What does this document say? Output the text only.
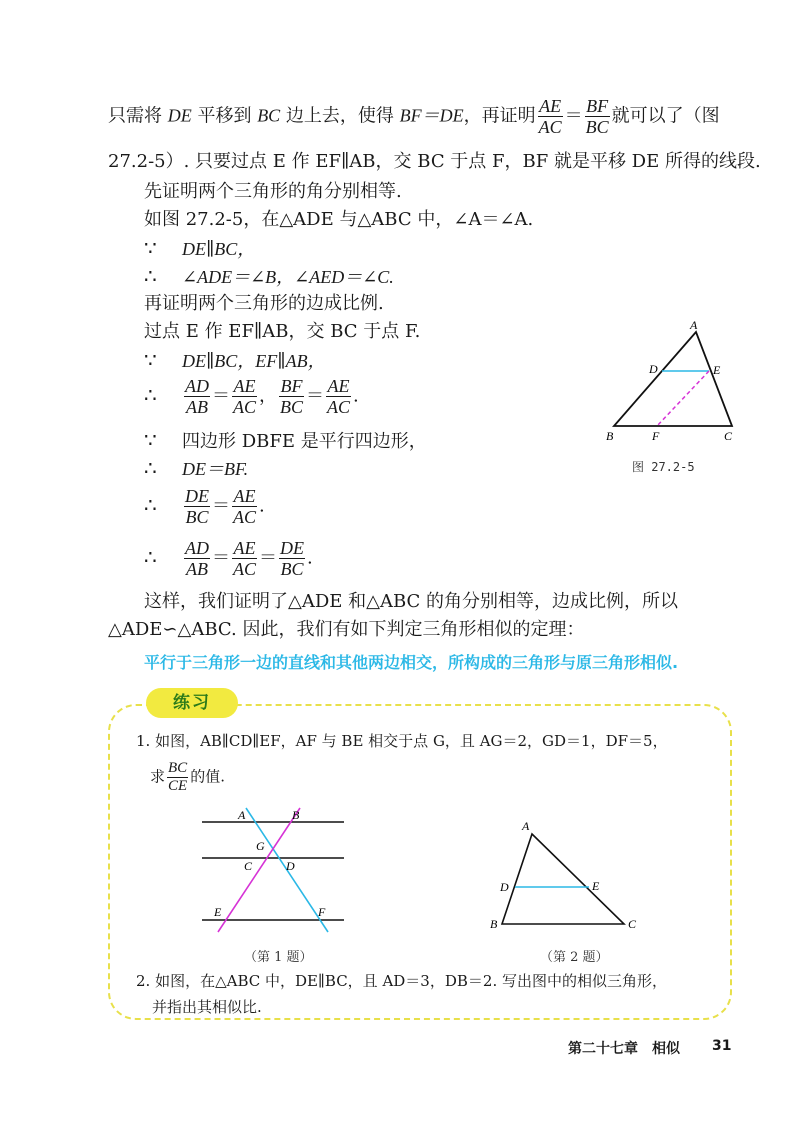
只需将 DE 平移到 BC 边上去，使得 BF＝DE，再证明 $\frac{AE}{AC} = \frac{BF}{BC}$ 就可以了（图
27.2-5）. 只要过点 E 作 EF∥AB，交 BC 于点 F，BF 就是平移 DE 所得的线段.
先证明两个三角形的角分别相等.
如图 27.2-5，在△ADE 与△ABC 中，∠A＝∠A.
∵ DE∥BC，
∴ ∠ADE＝∠B，∠AED＝∠C.
再证明两个三角形的边成比例.
过点 E 作 EF∥AB，交 BC 于点 F.
∵ DE∥BC，EF∥AB，
∴ $\frac{AD}{AB} = \frac{AE}{AC}$ ， $\frac{BF}{BC} = \frac{AE}{AC}$ .
∵ 四边形 DBFE 是平行四边形，
∴ DE＝BF.
∴ $\frac{DE}{BC} = \frac{AE}{AC}$ .
∴ $\frac{AD}{AB} = \frac{AE}{AC} = \frac{DE}{BC}$ .
这样，我们证明了△ADE 和△ABC 的角分别相等，边成比例，所以
△ADE∽△ABC. 因此，我们有如下判定三角形相似的定理：
平行于三角形一边的直线和其他两边相交，所构成的三角形与原三角形相似.
A
D	E
B	F	C
图 27.2-5
练习
1. 如图，AB∥CD∥EF，AF 与 BE 相交于点 G，且 AG＝2，GD＝1，DF＝5，
求 $\frac{BC}{CE}$ 的值.
A	B
G
C	D
E	F
（第 1 题）
A
D	E
B	C
（第 2 题）
2. 如图，在△ABC 中，DE∥BC，且 AD＝3，DB＝2. 写出图中的相似三角形，
并指出其相似比.
第二十七章　相似 31
